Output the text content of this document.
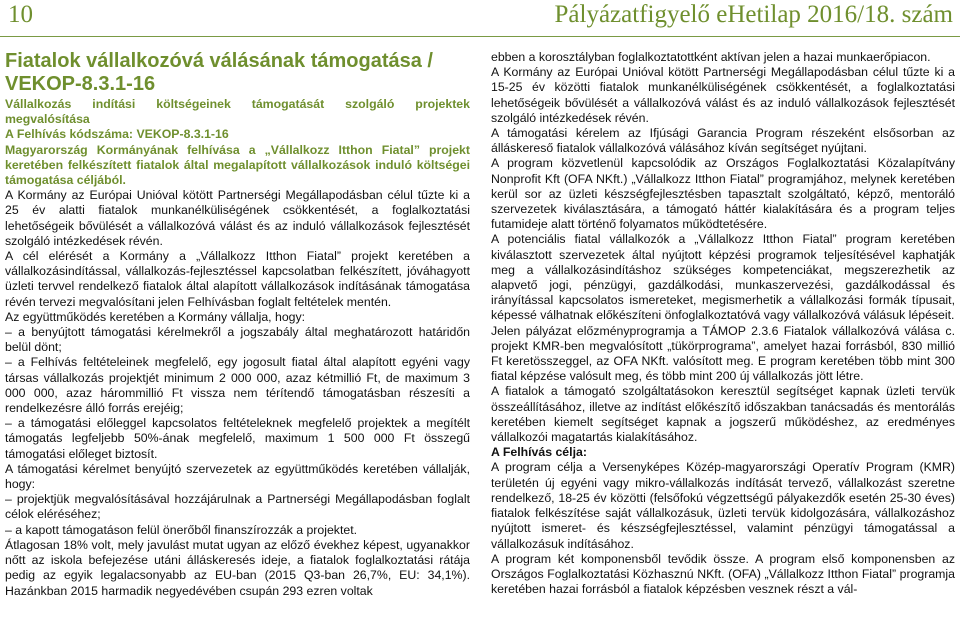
10	Pályázatfigyelő eHetilap 2016/18. szám
Fiatalok vállalkozóvá válásának támogatása / VEKOP-8.3.1-16

Vállalkozás indítási költségeinek támogatását szolgáló projektek megvalósítása

A Felhívás kódszáma: VEKOP-8.3.1-16

Magyarország Kormányának felhívása a „Vállalkozz Itthon Fiatal” projekt keretében felkészített fiatalok által megalapított vállalkozások induló költségei támogatása céljából.

A Kormány az Európai Unióval kötött Partnerségi Megállapodásban célul tűzte ki a 25 év alatti fiatalok munkanélküliségének csökkentését, a foglalkoztatási lehetőségeik bővülését a vállalkozóvá válást és az induló vállalkozások fejlesztését szolgáló intézkedések révén.

A cél elérését a Kormány a „Vállalkozz Itthon Fiatal” projekt keretében a vállalkozásindítással, vállalkozás-fejlesztéssel kapcsolatban felkészített, jóváhagyott üzleti tervvel rendelkező fiatalok által alapított vállalkozások indításának támogatása révén tervezi megvalósítani jelen Felhívásban foglalt feltételek mentén.

Az együttműködés keretében a Kormány vállalja, hogy:

– a benyújtott támogatási kérelmekről a jogszabály által meghatározott határidőn belül dönt;

– a Felhívás feltételeinek megfelelő, egy jogosult fiatal által alapított egyéni vagy társas vállalkozás projektjét minimum 2 000 000, azaz kétmillió Ft, de maximum 3 000 000, azaz hárommillió Ft vissza nem térítendő támogatásban részesíti a rendelkezésre álló forrás erejéig;

– a támogatási előleggel kapcsolatos feltételeknek megfelelő projektek a megítélt támogatás legfeljebb 50%-ának megfelelő, maximum 1 500 000 Ft összegű támogatási előleget biztosít.

A támogatási kérelmet benyújtó szervezetek az együttműködés keretében vállalják, hogy:

– projektjük megvalósításával hozzájárulnak a Partnerségi Megállapodásban foglalt célok eléréséhez;

– a kapott támogatáson felül önerőből finanszírozzák a projektet.

Átlagosan 18% volt, mely javulást mutat ugyan az előző évekhez képest, ugyanakkor nőtt az iskola befejezése utáni álláskeresés ideje, a fiatalok foglalkoztatási rátája pedig az egyik legalacsonyabb az EU-ban (2015 Q3-ban 26,7%, EU: 34,1%). Hazánkban 2015 harmadik negyedévében csupán 293 ezren voltak

ebben a korosztályban foglalkoztatottként aktívan jelen a hazai munkaerőpiacon.

A Kormány az Európai Unióval kötött Partnerségi Megállapodásban célul tűzte ki a 15-25 év közötti fiatalok munkanélküliségének csökkentését, a foglalkoztatási lehetőségeik bővülését a vállalkozóvá válást és az induló vállalkozások fejlesztését szolgáló intézkedések révén.

A támogatási kérelem az Ifjúsági Garancia Program részeként elsősorban az álláskereső fiatalok vállalkozóvá válásához kíván segítséget nyújtani.

A program közvetlenül kapcsolódik az Országos Foglalkoztatási Közalapítvány Nonprofit Kft (OFA NKft.) „Vállalkozz Itthon Fiatal” programjához, melynek keretében kerül sor az üzleti készségfejlesztésben tapasztalt szolgáltató, képző, mentoráló szervezetek kiválasztására, a támogató háttér kialakítására és a program teljes futamideje alatt történő folyamatos működtetésére.

A potenciális fiatal vállalkozók a „Vállalkozz Itthon Fiatal” program keretében kiválasztott szervezetek által nyújtott képzési programok teljesítésével kaphatják meg a vállalkozásindításhoz szükséges kompetenciákat, megszerezhetik az alapvető jogi, pénzügyi, gazdálkodási, munkaszervezési, gazdálkodással és irányítással kapcsolatos ismereteket, megismerhetik a vállalkozási formák típusait, képessé válhatnak előkészíteni önfoglalkoztatóvá vagy vállalkozóvá válásuk lépéseit.

Jelen pályázat előzményprogramja a TÁMOP 2.3.6 Fiatalok vállalkozóvá válása c. projekt KMR-ben megvalósított „tükörprograma”, amelyet hazai forrásból, 830 millió Ft keretösszeggel, az OFA NKft. valósított meg. E program keretében több mint 300 fiatal képzése valósult meg, és több mint 200 új vállalkozás jött létre.

A fiatalok a támogató szolgáltatásokon keresztül segítséget kapnak üzleti tervük összeállításához, illetve az indítást előkészítő időszakban tanácsadás és mentorálás keretében kiemelt segítséget kapnak a jogszerű működéshez, az eredményes vállalkozói magatartás kialakításához.

A Felhívás célja:

A program célja a Versenyképes Közép-magyarországi Operatív Program (KMR) területén új egyéni vagy mikro-vállalkozás indítását tervező, vállalkozást szeretne rendelkező, 18-25 év közötti (felsőfokú végzettségű pályakezdők esetén 25-30 éves) fiatalok felkészítése saját vállalkozásuk, üzleti tervük kidolgozására, vállalkozáshoz nyújtott ismeret- és készségfejlesztéssel, valamint pénzügyi támogatással a vállalkozásuk indításához.

A program két komponensből tevődik össze. A program első komponensben az Országos Foglalkoztatási Közhasznú NKft. (OFA) „Vállalkozz Itthon Fiatal” programja keretében hazai forrásból a fiatalok képzésben vesznek részt a vál-
